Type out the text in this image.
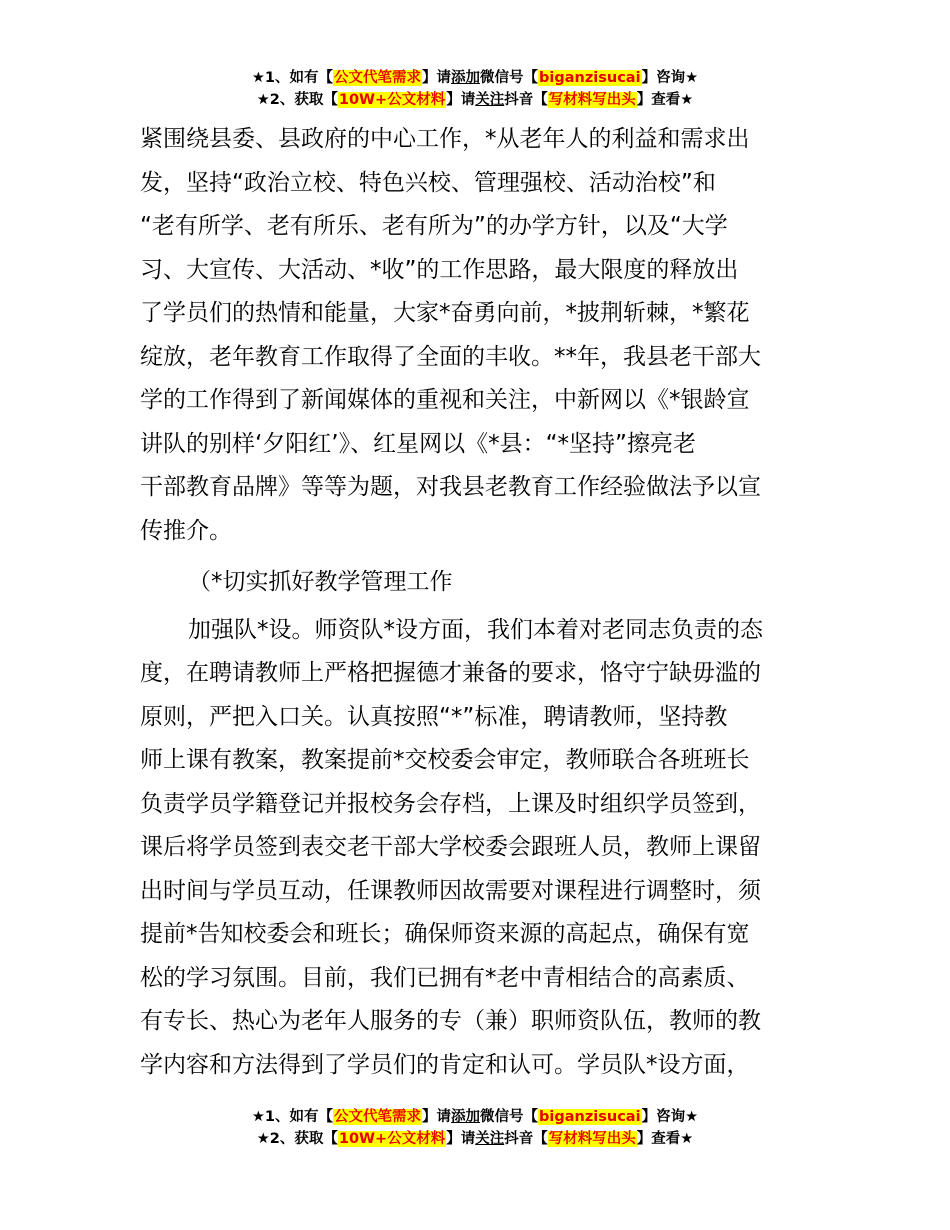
★1、如有【公文代笔需求】请添加微信号【biganzisucai】咨询★
★2、获取【10W+公文材料】请关注抖音【写材料写出头】查看★

紧围绕县委、县政府的中心工作，*从老年人的利益和需求出
发，坚持“政治立校、特色兴校、管理强校、活动治校”和
“老有所学、老有所乐、老有所为”的办学方针，以及“大学
习、大宣传、大活动、*收”的工作思路，最大限度的释放出
了学员们的热情和能量，大家*奋勇向前，*披荆斩棘，*繁花
绽放，老年教育工作取得了全面的丰收。**年，我县老干部大
学的工作得到了新闻媒体的重视和关注，中新网以《*银龄宣
讲队的别样‘夕阳红’》、红星网以《*县：“*坚持”擦亮老
干部教育品牌》等等为题，对我县老教育工作经验做法予以宣
传推介。

（*切实抓好教学管理工作

加强队*设。师资队*设方面，我们本着对老同志负责的态
度，在聘请教师上严格把握德才兼备的要求，恪守宁缺毋滥的
原则，严把入口关。认真按照“*”标准，聘请教师，坚持教
师上课有教案，教案提前*交校委会审定，教师联合各班班长
负责学员学籍登记并报校务会存档，上课及时组织学员签到，
课后将学员签到表交老干部大学校委会跟班人员，教师上课留
出时间与学员互动，任课教师因故需要对课程进行调整时，须
提前*告知校委会和班长；确保师资来源的高起点，确保有宽
松的学习氛围。目前，我们已拥有*老中青相结合的高素质、
有专长、热心为老年人服务的专（兼）职师资队伍，教师的教
学内容和方法得到了学员们的肯定和认可。学员队*设方面，

★1、如有【公文代笔需求】请添加微信号【biganzisucai】咨询★
★2、获取【10W+公文材料】请关注抖音【写材料写出头】查看★
